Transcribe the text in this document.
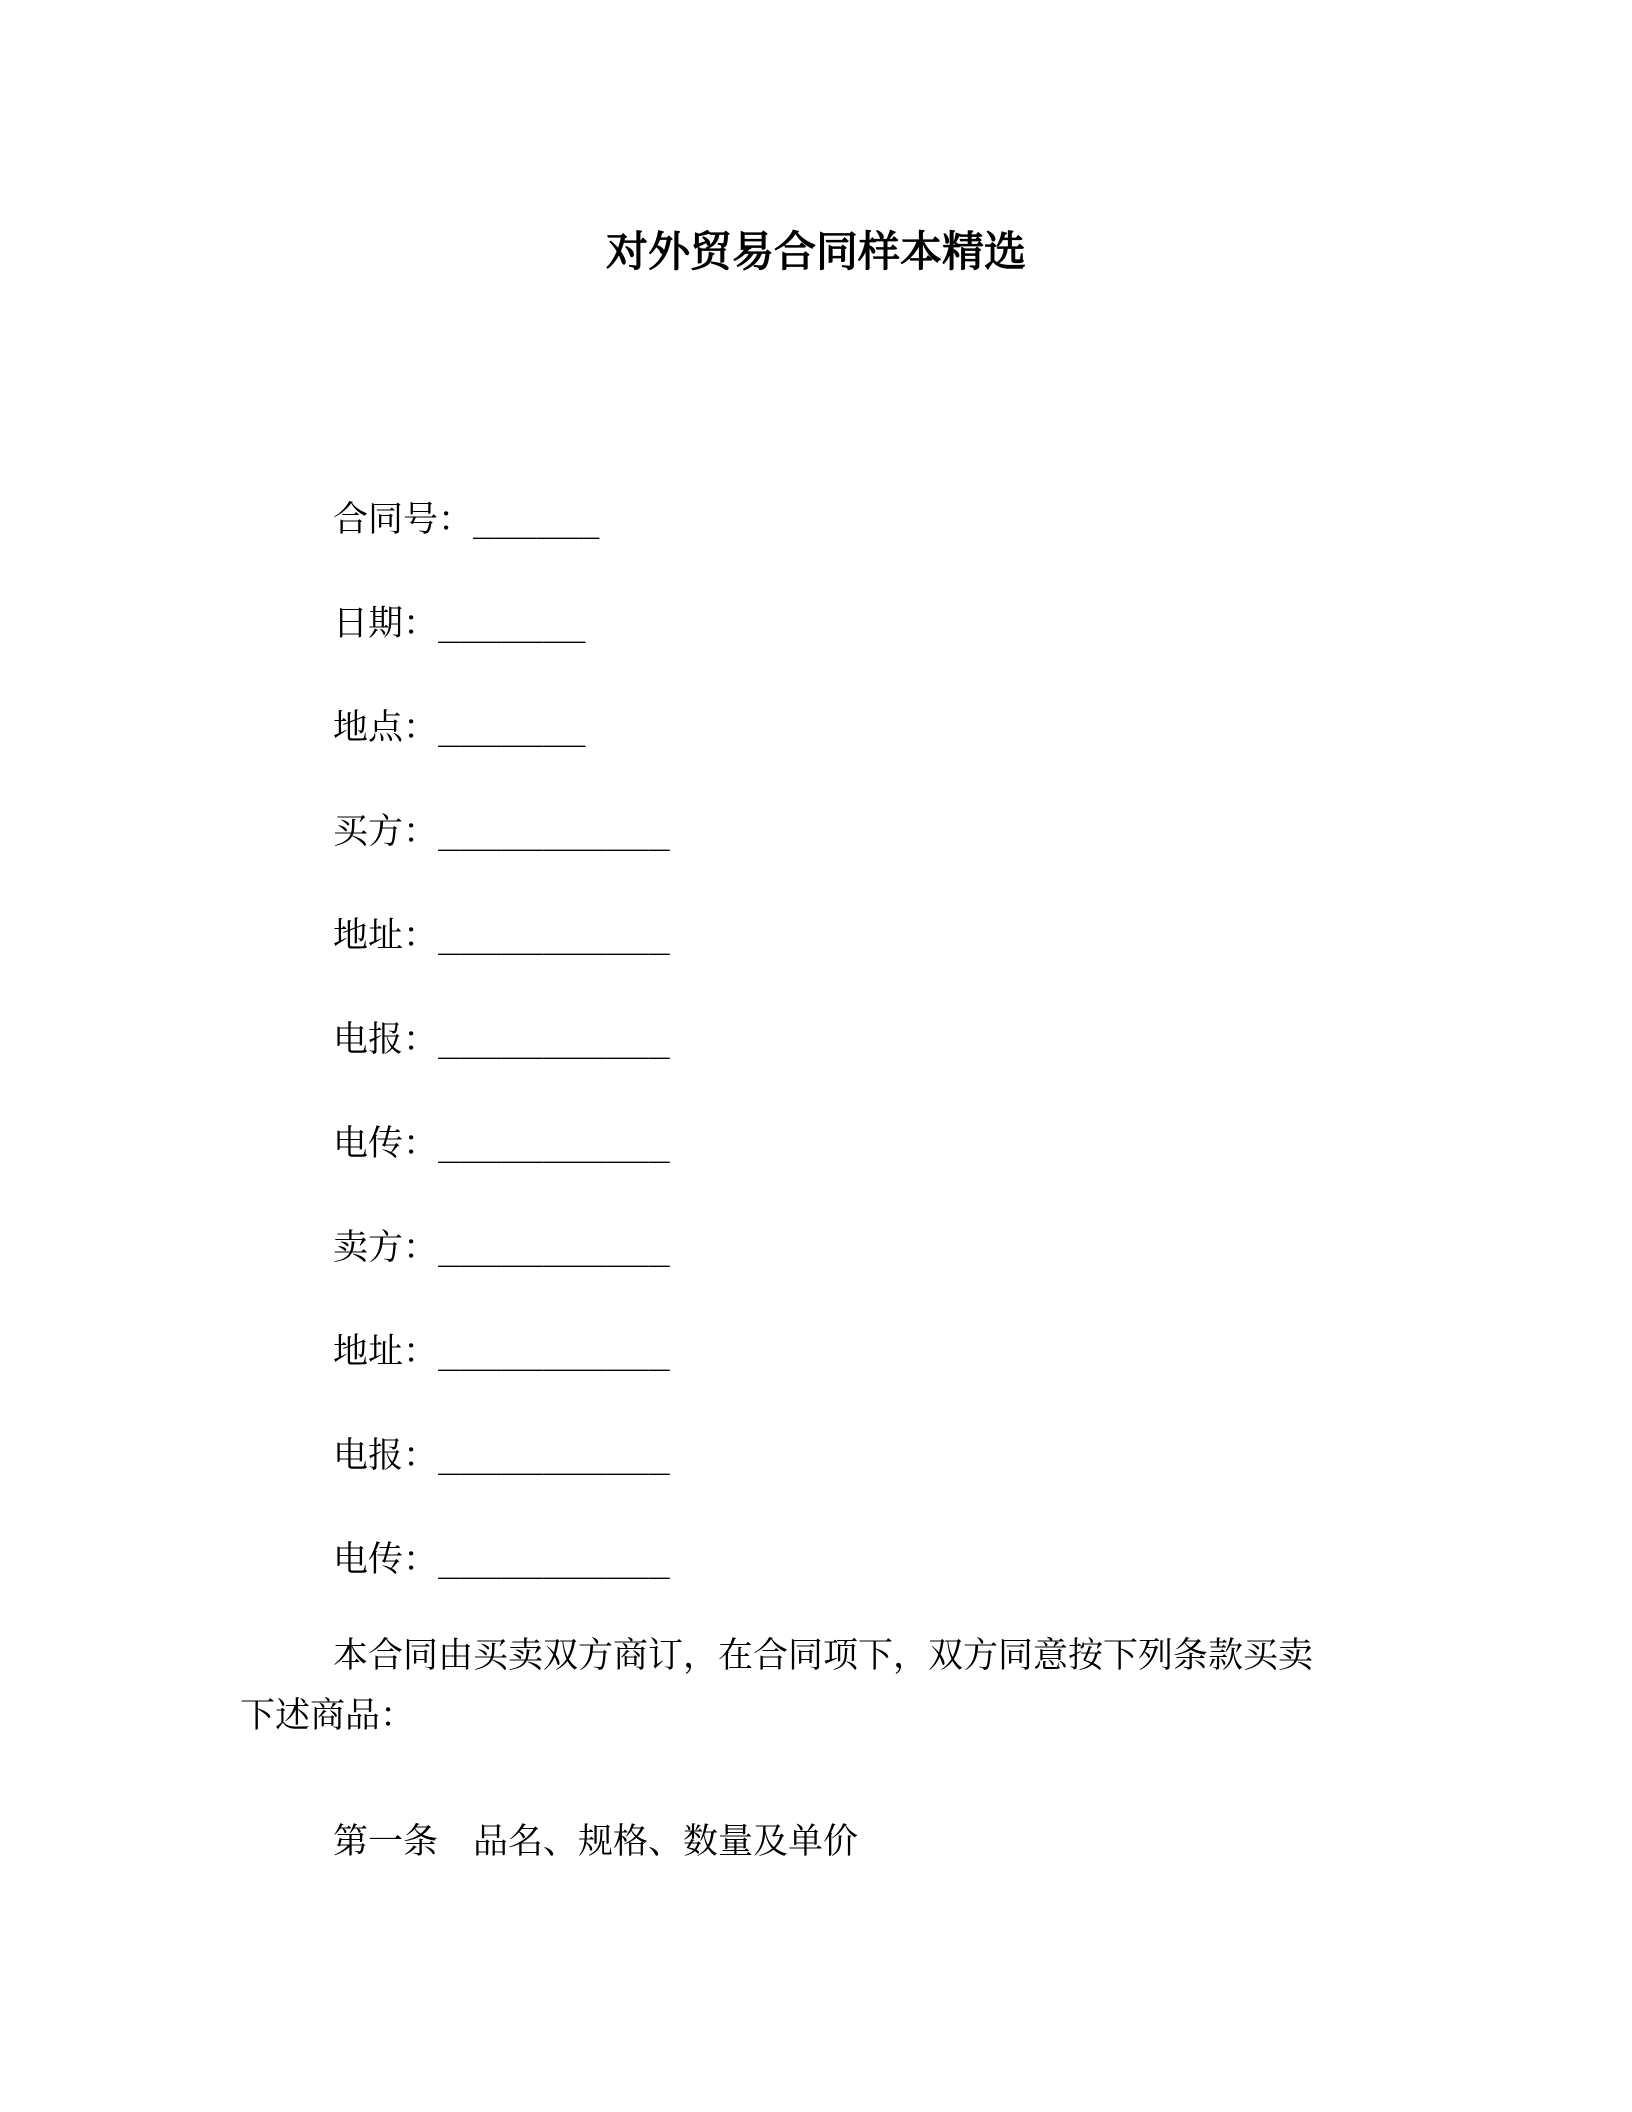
对外贸易合同样本精选
合同号：______
日期：_______
地点：_______
买方：___________
地址：___________
电报：___________
电传：___________
卖方：___________
地址：___________
电报：___________
电传：___________
本合同由买卖双方商订，在合同项下，双方同意按下列条款买卖
下述商品：

第一条　品名、规格、数量及单价
